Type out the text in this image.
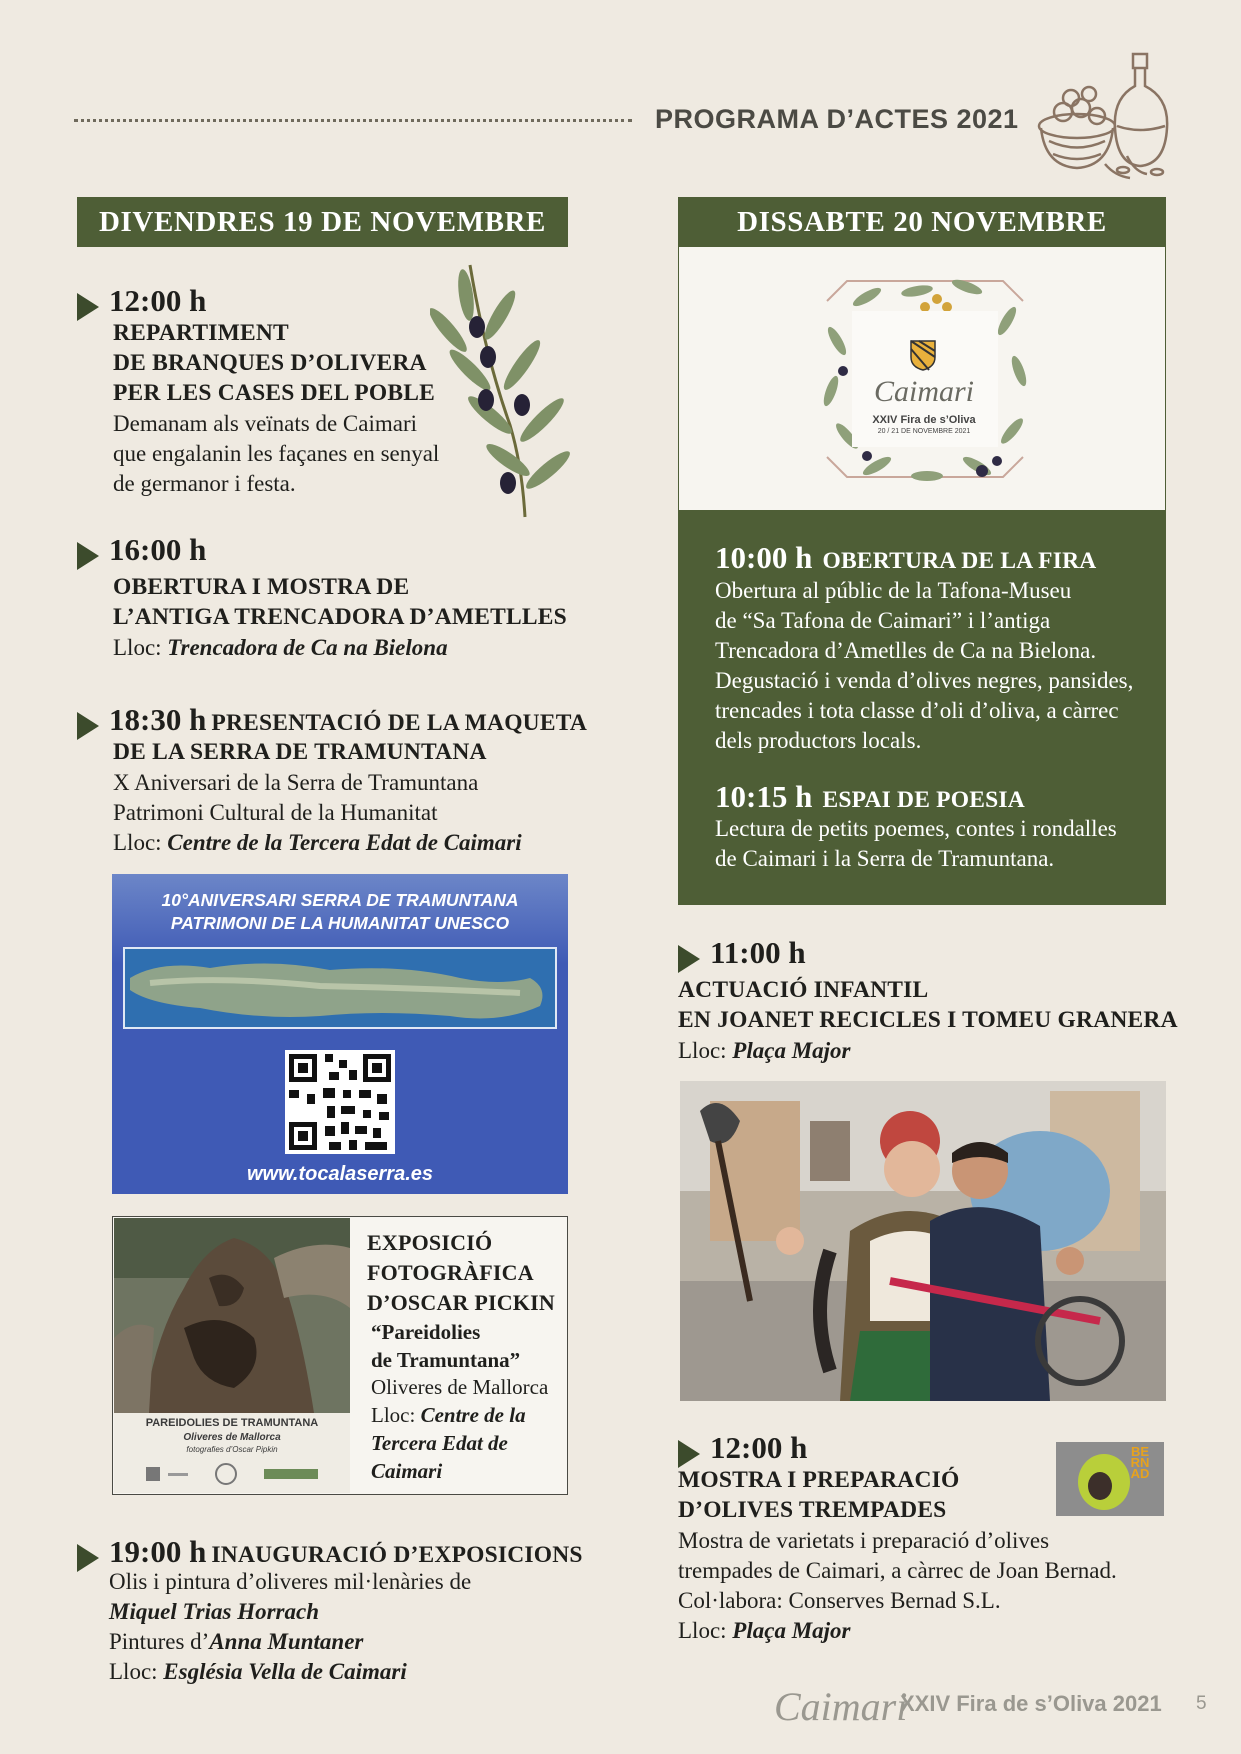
PROGRAMA D’ACTES 2021
DIVENDRES 19 DE NOVEMBRE
12:00 h
REPARTIMENT
DE BRANQUES D’OLIVERA
PER LES CASES DEL POBLE
Demanam als veïnats de Caimari
que engalanin les façanes en senyal
de germanor i festa.
16:00 h
OBERTURA I MOSTRA DE
L’ANTIGA TRENCADORA D’AMETLLES
Lloc: Trencadora de Ca na Bielona
18:30 h PRESENTACIÓ DE LA MAQUETA
DE LA SERRA DE TRAMUNTANA
X Aniversari de la Serra de Tramuntana
Patrimoni Cultural de la Humanitat
Lloc: Centre de la Tercera Edat de Caimari
10°ANIVERSARI SERRA DE TRAMUNTANA
PATRIMONI DE LA HUMANITAT UNESCO
www.tocalaserra.es
PAREIDOLIES DE TRAMUNTANA
Oliveres de Mallorca
fotografies d’Oscar Pipkin
EXPOSICIÓ
FOTOGRÀFICA
D’OSCAR PICKIN
“Pareidolies
de Tramuntana”
Oliveres de Mallorca
Lloc: Centre de la
Tercera Edat de
Caimari
19:00 h INAUGURACIÓ D’EXPOSICIONS
Olis i pintura d’oliveres mil·lenàries de
Miquel Trias Horrach
Pintures d’Anna Muntaner
Lloc: Església Vella de Caimari
DISSABTE 20 NOVEMBRE
Caimari
XXIV Fira de s’Oliva
20 / 21 DE NOVEMBRE 2021
10:00 h OBERTURA DE LA FIRA
Obertura al públic de la Tafona-Museu
de “Sa Tafona de Caimari” i l’antiga
Trencadora d’Ametlles de Ca na Bielona.
Degustació i venda d’olives negres, pansides,
trencades i tota classe d’oli d’oliva, a càrrec
dels productors locals.
10:15 h ESPAI DE POESIA
Lectura de petits poemes, contes i rondalles
de Caimari i la Serra de Tramuntana.
11:00 h
ACTUACIÓ INFANTIL
EN JOANET RECICLES I TOMEU GRANERA
Lloc: Plaça Major
12:00 h
MOSTRA I PREPARACIÓ
D’OLIVES TREMPADES
Mostra de varietats i preparació d’olives
trempades de Caimari, a càrrec de Joan Bernad.
Col·labora: Conserves Bernad S.L.
Lloc: Plaça Major
BERNAD
Caimari
XXIV Fira de s’Oliva 2021 5
